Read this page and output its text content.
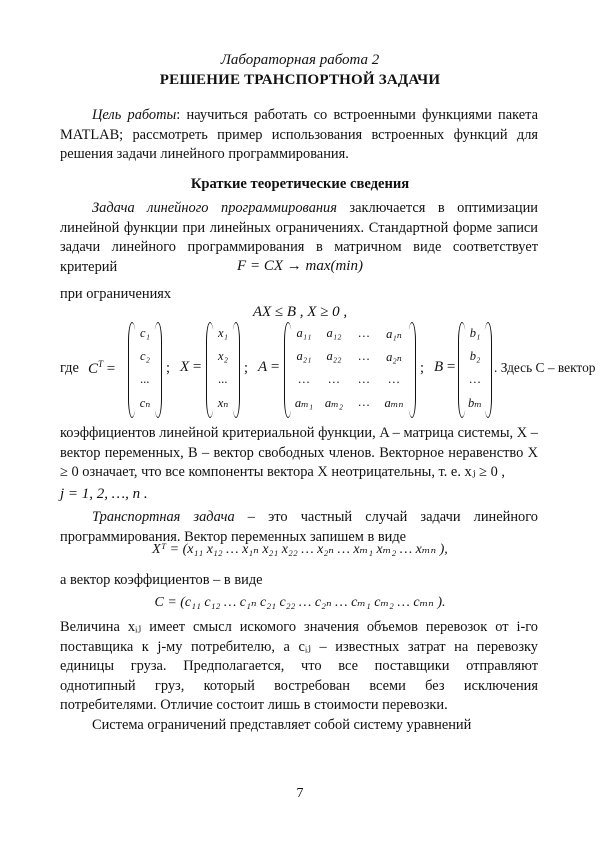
Лабораторная работа 2
РЕШЕНИЕ ТРАНСПОРТНОЙ ЗАДАЧИ

Цель работы: научиться работать со встроенными функциями пакета MATLAB; рассмотреть пример использования встроенных функций для решения задачи линейного программирования.

Краткие теоретические сведения

Задача линейного программирования заключается в оптимизации линейной функции при линейных ограничениях. Стандартной форме записи задачи линейного программирования в матричном виде соответствует критерий	F = CX → max(min)
при ограничениях
AX ≤ B , X ≥ 0 ,
где $C^T$ =
c₁
c₂
...
cₙ
; X =
x₁
x₂
...
xₙ
; A =
a₁₁	a₁₂	…	a₁ₙ
a₂₁	a₂₂	…	a₂ₙ
…	…	…	…
aₘ₁ aₘ₂	…	aₘₙ
; B =
b₁
b₂
…
bₘ
. Здесь C – вектор

коэффициентов линейной критериальной функции, A – матрица системы, X – вектор переменных, B – вектор свободных членов. Векторное неравенство X ≥ 0 означает, что все компоненты вектора X неотрицательны, т. е. xⱼ ≥ 0 ,

j = 1, 2, …, n .

Транспортная задача – это частный случай задачи линейного программирования. Вектор переменных запишем в виде

Xᵀ = (x₁₁ x₁₂ … x₁ₙ x₂₁ x₂₂ … x₂ₙ … xₘ₁ xₘ₂ … xₘₙ ),
а вектор коэффициентов – в виде
C = (c₁₁ c₁₂ … c₁ₙ c₂₁ c₂₂ … c₂ₙ … cₘ₁ cₘ₂ … cₘₙ ).

Величина xᵢⱼ имеет смысл искомого значения объемов перевозок от i-го поставщика к j-му потребителю, а cᵢⱼ – известных затрат на перевозку единицы груза. Предполагается, что все поставщики отправляют однотипный груз, который востребован всеми без исключения потребителями. Отличие состоит лишь в стоимости перевозки.

Система ограничений представляет собой систему уравнений

7
